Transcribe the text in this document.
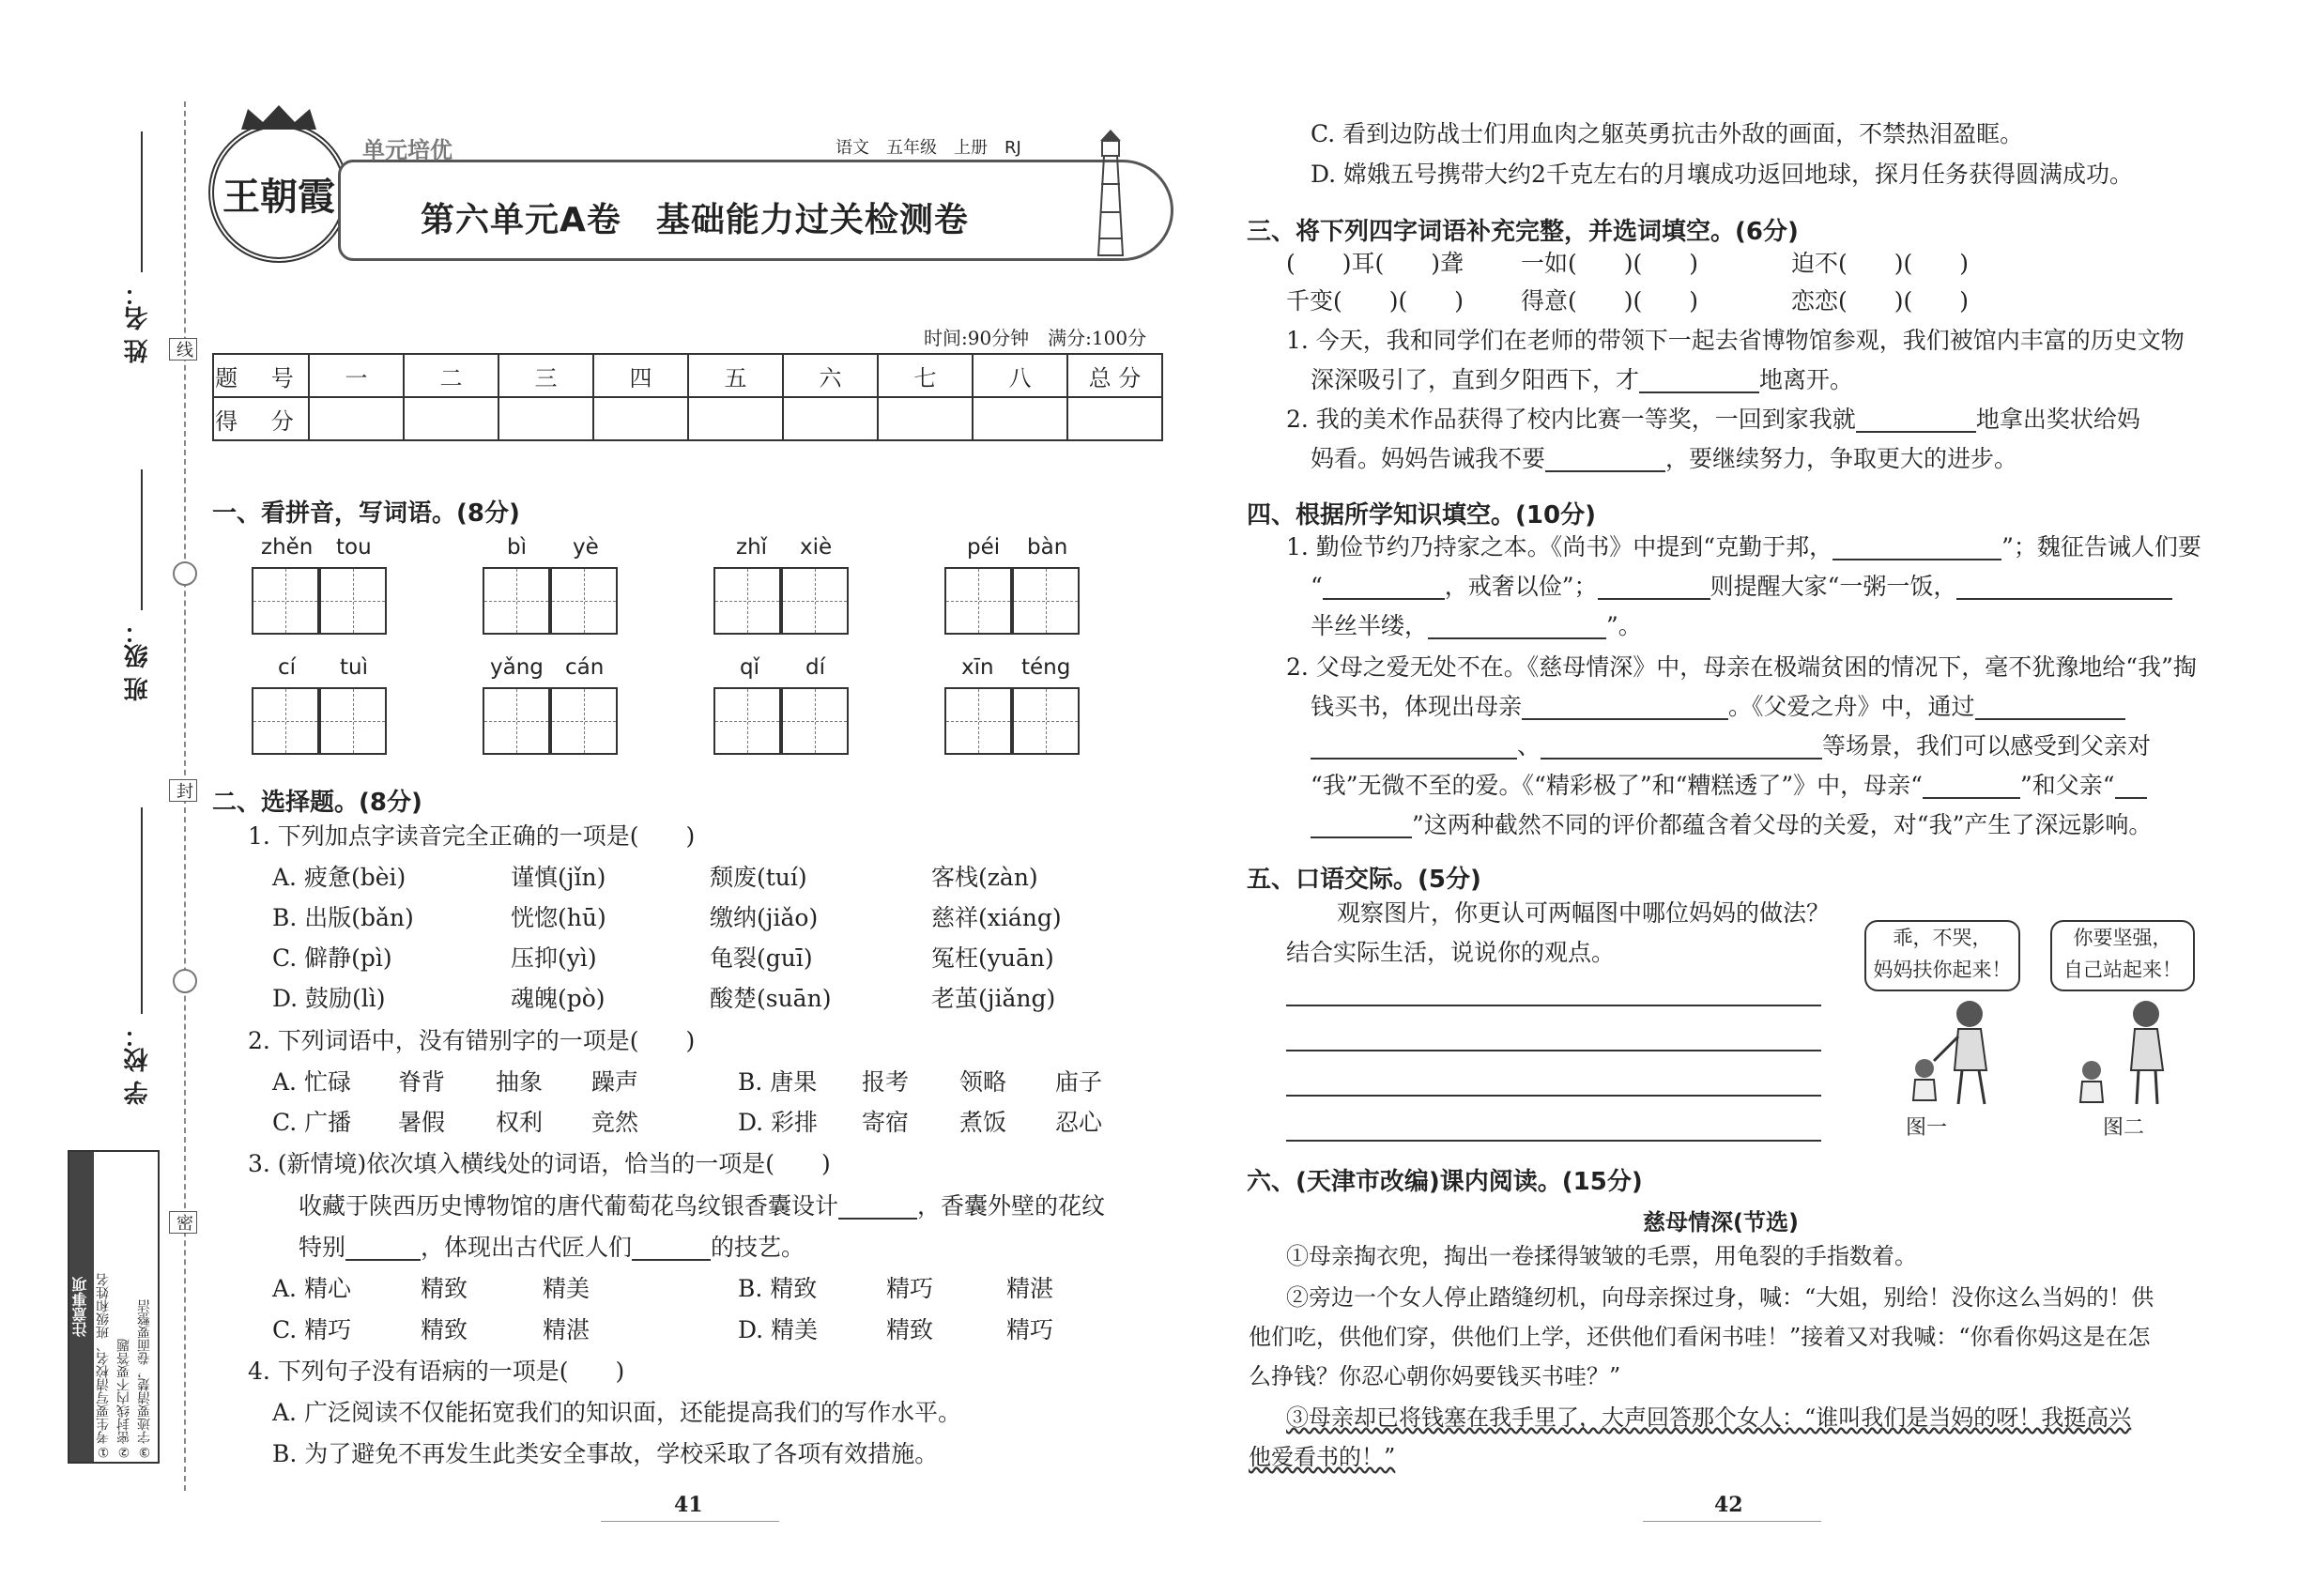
线
封
密
姓 名：
班 级：
学 校：
注意事项 ①考生要写清校名、班级和姓名 ②密封线内不要答题 ③字迹要清楚，卷面要整洁
王朝霞
单元培优	语文　五年级　上册　RJ
第六单元A卷　基础能力过关检测卷
时间:90分钟　满分:100分
题 号	一	二	三	四	五	六	七	八	总 分
得 分									
一、看拼音，写词语。(8分)
zhěn tou	bì yè	zhǐ xiè	péi bàn
cí tuì	yǎng cán	qǐ dí	xīn téng
二、选择题。(8分)
1. 下列加点字读音完全正确的一项是(　　)
A. 疲惫(bèi)	谨慎(jǐn)	颓废(tuí)	客栈(zàn)
B. 出版(bǎn)	恍惚(hū)	缴纳(jiǎo)	慈祥(xiáng)
C. 僻静(pì)	压抑(yì)	龟裂(guī)	冤枉(yuān)
D. 鼓励(lì)	魂魄(pò)	酸楚(suān)	老茧(jiǎng)
2. 下列词语中，没有错别字的一项是(　　)
A. 忙碌 脊背 抽象 躁声	B. 唐果 报考 领略 庙子
C. 广播 暑假 权利 竞然	D. 彩排 寄宿 煮饭 忍心
3. (新情境)依次填入横线处的词语，恰当的一项是(　　)
收藏于陕西历史博物馆的唐代葡萄花鸟纹银香囊设计	，香囊外壁的花纹
特别	，体现出古代匠人们	的技艺。
A. 精心	精致	精美	B. 精致	精巧	精湛
C. 精巧	精致	精湛	D. 精美	精致	精巧
4. 下列句子没有语病的一项是(　　)
A. 广泛阅读不仅能拓宽我们的知识面，还能提高我们的写作水平。
B. 为了避免不再发生此类安全事故，学校采取了各项有效措施。
41
C. 看到边防战士们用血肉之躯英勇抗击外敌的画面，不禁热泪盈眶。
D. 嫦娥五号携带大约2千克左右的月壤成功返回地球，探月任务获得圆满成功。
三、将下列四字词语补充完整，并选词填空。(6分)
(　　)耳(　　)聋 一如(　　)(　　)	迫不(　　)(　　)
千变(　　)(　　) 得意(　　)(　　)	恋恋(　　)(　　)
1. 今天，我和同学们在老师的带领下一起去省博物馆参观，我们被馆内丰富的历史文物
深深吸引了，直到夕阳西下，才	地离开。
2. 我的美术作品获得了校内比赛一等奖，一回到家我就	地拿出奖状给妈
妈看。妈妈告诫我不要	，要继续努力，争取更大的进步。
四、根据所学知识填空。(10分)
1. 勤俭节约乃持家之本。《尚书》中提到“克勤于邦，	”；魏征告诫人们要
“	，戒奢以俭”；	则提醒大家“一粥一饭，
半丝半缕，	”。
2. 父母之爱无处不在。《慈母情深》中，母亲在极端贫困的情况下，毫不犹豫地给“我”掏
钱买书，体现出母亲	。《父爱之舟》中，通过
、	等场景，我们可以感受到父亲对
“我”无微不至的爱。《“精彩极了”和“糟糕透了”》中，母亲“	”和父亲“
”这两种截然不同的评价都蕴含着父母的关爱，对“我”产生了深远影响。
五、口语交际。(5分)
观察图片，你更认可两幅图中哪位妈妈的做法？
结合实际生活，说说你的观点。
乖，不哭，
妈妈扶你起来！
你要坚强，
自己站起来！
图一	图二
六、(天津市改编)课内阅读。(15分)
慈母情深(节选)
①母亲掏衣兜，掏出一卷揉得皱皱的毛票，用龟裂的手指数着。
②旁边一个女人停止踏缝纫机，向母亲探过身，喊：“大姐，别给！没你这么当妈的！供
他们吃，供他们穿，供他们上学，还供他们看闲书哇！”接着又对我喊：“你看你妈这是在怎
么挣钱？你忍心朝你妈要钱买书哇？”
③母亲却已将钱塞在我手里了，大声回答那个女人：“谁叫我们是当妈的呀！我挺高兴
他爱看书的！”
42
